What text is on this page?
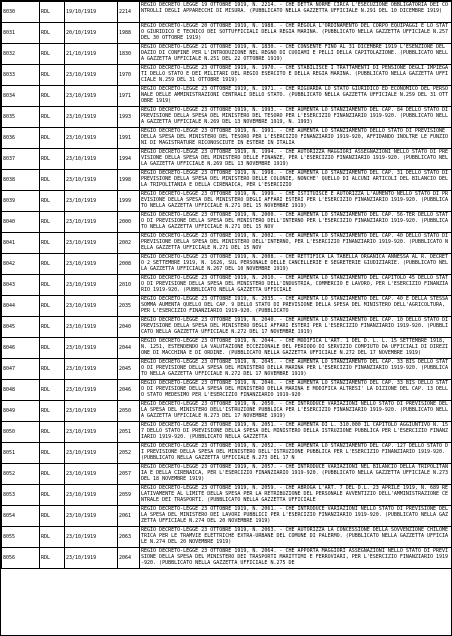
8030	RDL	19/10/1919	2214	REGIO DECRETO LEGGE 19 OTTOBRE 1919, N. 2214. - CHE DETTA NORME CIRCA L'ESECUZIONE OBBLIGATORIA DEI CONTROLLI DEGLI APPARECCHI DI MISURA. (PUBBLICATO NELLA GAZZETTA UFFICIALE N.291 DEL 10 DICEMBRE 1919)

8031	RDL	20/10/1919	1988	REGIO DECRETO-LEGGE 20 OTTOBRE 1919, N. 1988. - CHE REGOLA L'ORDINAMENTO DEL CORPO EQUIPAGGI E LO STATO GIURIDICO E TECNICO DEI SOTTUFFICIALI DELLA REGIA MARINA. (PUBBLICATO NELLA GAZZETTA UFFICIALE N.257 DEL 30 OTTOBRE 1919)

8032	RDL	21/10/1919	1830	REGIO DECRETO-LEGGE 21 OTTOBRE 1919, N. 1830. - CHE CONSENTE FINO AL 31 DICEMBRE 1919 L'ESENZIONE DEL DAZIO DI CONFINE PER L'INTRODUZIONE NEL REGNO DI CUOIAMI E PELLI DELLA CAPITOLAZIONE. (PUBBLICATO NELLA GAZZETTA UFFICIALE N.251 DEL 22 OTTOBRE 1919)

8033	RDL	23/10/1919	1970	REGIO DECRETO-LEGGE 23 OTTOBRE 1919, N. 1970. - CHE STABILISCE I TRATTAMENTI DI PENSIONE DEGLI IMPIEGATI DELLO STATO E DEI MILITARI DEL REGIO ESERCITO E DELLA REGIA MARINA. (PUBBLICATO NELLA GAZZETTA UFFICIALE N.259 DEL 31 OTTOBRE 1919)

8034	RDL	23/10/1919	1971	REGIO DECRETO-LEGGE 23 OTTOBRE 1919, N. 1971. - CHE RIGUARDA LO STATO GIURIDICO ED ECONOMICO DEL PERSONALE DELLE AMMINISTRAZIONI CENTRALI DELLO STATO. (PUBBLICATO NELLA GAZZETTA UFFICIALE N.259 DEL 31 OTTOBRE 1919)

8035	RDL	23/10/1919	1993	REGIO DECRETO-LEGGE 23 OTTOBRE 1919, N. 1993. - CHE AUMENTA LO STANZIAMENTO DEL CAP. 84 DELLO STATO DI PREVISIONE DELLA SPESA DEL MINISTERO DEL TESORO PER L'ESERCIZIO FINANZIARIO 1919-920. (PUBBLICATO NELLA GAZZETTA UFFICIALE N.269 DEL 13 NOVEMBRE 1919, N. 1993)

8036	RDL	23/10/1919	1991	REGIO DECRETO-LEGGE 23 OTTOBRE 1919, N. 1991. - CHE AUMENTA LO STANZIAMENTO DELLO STATO DI PREVISIONE DELLA SPESA DEL MINISTERO DEL TESORO PER L'ESERCIZIO FINANZIARIO 1919-920, AFFIDANDO INOLTRE LE FUNZIONI DI MAGISTRATURE RICONOSCIUTE IN ESTERE IN ITALIA

8037	RDL	23/10/1919	1994	REGIO DECRETO-LEGGE 23 OTTOBRE 1919, N. 1994. - CHE AUTORIZZA MAGGIORI ASSEGNAZIONI NELLO STATO DI PREVISIONE DELLA SPESA DEL MINISTERO DELLE FINANZE, PER L'ESERCIZIO FINANZIARIO 1919-920. (PUBBLICATO NELLA GAZZETTA UFFICIALE N.269 DEL 13 NOVEMBRE 1919)

8038	RDL	23/10/1919	1998	REGIO DECRETO-LEGGE 23 OTTOBRE 1919, N. 1998. - CHE AUMENTA LO STANZIAMENTO DEL CAP. 31 DELLO STATO DI PREVISIONE DELLA SPESA DEL MINISTERO DELLE COLONIE, NONCHE' QUELLO DI ALCUNI ARTICOLI DEL BILANCIO DELLA TRIPOLITANIA E DELLA CIRENAICA, PER L'ESERCIZIO

8039	RDL	23/10/1919	1999	REGIO DECRETO-LEGGE 23 OTTOBRE 1919, N. 1999. - CHE ISTITUISCE E AUTORIZZA L'AUMENTO NELLO STATO DI PREVISIONE DELLA SPESA DEL MINISTERO DEGLI AFFARI ESTERI PER L'ESERCIZIO FINANZIARIO 1919-920. (PUBBLICATO NELLA GAZZETTA UFFICIALE N.271 DEL 15 NOVEMBRE 1919)

8040	RDL	23/10/1919	2000	REGIO DECRETO-LEGGE 23 OTTOBRE 1919, N. 2000. - CHE AUMENTA LO STANZIAMENTO DEL CAP. 56-TER DELLO STATO DI PREVISIONE DELLA SPESA DEL MINISTERO DELL'INTERNO PER L'ESERCIZIO FINANZIARIO 1919-920. (PUBBLICATO NELLA GAZZETTA UFFICIALE N.271 DEL 15 NOV

8041	RDL	23/10/1919	2002	REGIO DECRETO-LEGGE 23 OTTOBRE 1919, N. 2002. - CHE AUMENTA LO STANZIAMENTO DEL CAP. 40 DELLO STATO DI PREVISIONE DELLA SPESA DEL MINISTERO DELL'INTERNO, PER L'ESERCIZIO FINANZIARIO 1919-920. (PUBBLICATO NELLA GAZZETTA UFFICIALE N.271 DEL 15 NOV

8042	RDL	23/10/1919	2008	REGIO DECRETO-LEGGE 23 OTTOBRE 1919, N. 2008. - CHE RETTIFICA LA TABELLA ORGANICA ANNESSA AL R. DECRETO 2 SETTEMBRE 1919, N. 1626, SUL PERSONALE DELLE CANCELLERIE E SEGRETERIE GIUDIZIARIE. (PUBBLICATO NELLA GAZZETTA UFFICIALE N.267 DEL 10 NOVEMBRE 1919)

8043	RDL	23/10/1919	2010	REGIO DECRETO-LEGGE 23 OTTOBRE 1919, N. 2010. - CHE AUMENTA LO STANZIAMENTO DEL CAPITOLO 45 DELLO STATO DI PREVISIONE DELLA SPESA DEL MINISTERO DELL'INDUSTRIA, COMMERCIO E LAVORO, PER L'ESERCIZIO FINANZIARIO 1919-920. (PUBBLICATO NELLA GAZZETTA UFFICIALE

8044	RDL	23/10/1919	2035	REGIO DECRETO-LEGGE 23 OTTOBRE 1919, N. 2035. - CHE AUMENTA LO STANZIAMENTO DEL CAP. 40 E DELLA STESSA SOMMA AUMENTA QUELLO DEL CAP. 9 DELLO STATO DI PREVISIONE DELLA SPESA DEL MINISTERO DELL'AGRICOLTURA, PER L'ESERCIZIO FINANZIARIO 1919-920. (PUBBLICATO

8045	RDL	23/10/1919	2040	REGIO DECRETO-LEGGE 23 OTTOBRE 1919, N. 2040. - CHE AUMENTA LO STANZIAMENTO DEL CAP. 10 DELLO STATO DI PREVISIONE DELLA SPESA DEL MINISTERO DEGLI AFFARI ESTERI PER L'ESERCIZIO FINANZIARIO 1919-920. (PUBBLICATO NELLA GAZZETTA UFFICIALE N.272 DEL 17 NOVEMBRE 1919)

8046	RDL	23/10/1919	2044	REGIO DECRETO-LEGGE 23 OTTOBRE 1919, N. 2044. - CHE MODIFICA L'ART. 1 DEL D. L. L. 15 SETTEMBRE 1918, N. 1251, ESTENDENDO LA VALUTAZIONE ECCEZIONALE DEL PERIODO DI SERVIZIO COMPIUTO DA UFFICIALI DI DIREZIONE DI MACCHINA E DI ORDINE. (PUBBLICATO NELLA GAZZETTA UFFICIALE N.272 DEL 17 NOVEMBRE 1919)

8047	RDL	23/10/1919	2045	REGIO DECRETO-LEGGE 23 OTTOBRE 1919, N. 2045. - CHE AUMENTA LO STANZIAMENTO DEL CAP. 33 BIS DELLO STATO DI PREVISIONE DELLA SPESA DEL MINISTERO DELLA MARINA PER L'ESERCIZIO FINANZIARIO 1919-920. (PUBBLICATO NELLA GAZZETTA UFFICIALE N.272 DEL 17 NOVEMBRE 1919)

8048	RDL	23/10/1919	2046	REGIO DECRETO-LEGGE 23 OTTOBRE 1919, N. 2046. - CHE AUMENTA LO STANZIAMENTO DEL CAP. 33 BIS DELLO STATO DI PREVISIONE DELLA SPESA DEL MINISTERO DELLA MARINA E MODIFICA ALTRESI' LA DIZIONE DEL CAP. 13 DELLO STATO MEDESIMO PER L'ESERCIZIO FINANZIARIO 1919-920

8049	RDL	23/10/1919	2050	REGIO DECRETO-LEGGE 23 OTTOBRE 1919, N. 2050. - CHE INTRODUCE VARIAZIONI NELLO STATO DI PREVISIONE DELLA SPESA DEL MINISTERO DELL'ISTRUZIONE PUBBLICA PER L'ESERCIZIO FINANZIARIO 1919-920. (PUBBLICATO NELLA GAZZETTA UFFICIALE N.273 DEL 17 NOVEMBRE 1919)

8050	RDL	23/10/1919	2051	REGIO DECRETO-LEGGE 23 OTTOBRE 1919, N. 2051. - CHE AUMENTA DI L. 310.000 IL CAPITOLO AGGIUNTIVO N. 157 DELLO STATO DI PREVISIONE DELLA SPESA DEL MINISTERO DELLA ISTRUZIONE PUBBLICA PER L'ESERCIZIO FINANZIARIO 1919-920. (PUBBLICATO NELLA GAZZETTA

8051	RDL	23/10/1919	2052	REGIO DECRETO-LEGGE 23 OTTOBRE 1919, N. 2052. - CHE AUMENTA LO STANZIAMENTO DEL CAP. 127 DELLO STATO DI PREVISIONE DELLA SPESA DEL MINISTERO DELL'ISTRUZIONE PUBBLICA PER L'ESERCIZIO FINANZIARIO 1919-920. (PUBBLICATO NELLA GAZZETTA UFFICIALE N.273 DEL 17 N

8052	RDL	23/10/1919	2057	REGIO DECRETO-LEGGE 23 OTTOBRE 1919, N. 2057. - CHE INTRODUCE VARIAZIONI NEL BILANCIO DELLA TRIPOLITANIA E DELLA CIRENAICA, PER L'ESERCIZIO FINANZIARIO 1919-920. (PUBBLICATO NELLA GAZZETTA UFFICIALE N.273 DEL 18 NOVEMBRE 1919)

8053	RDL	23/10/1919	2059	REGIO DECRETO-LEGGE 23 OTTOBRE 1919, N. 2059. - CHE ABROGA L'ART. 7 DEL D.L. 23 APRILE 1919, N. 689 RELATIVAMENTE AL LIMITE DELLA SPESA PER LA RETRIBUZIONE DEL PERSONALE AVVENTIZIO DELL'AMMINISTRAZIONE CENTRALE DEI TRASPORTI. (PUBBLICATO NELLA GAZZETTA UFFICIALE

8054	RDL	23/10/1919	2061	REGIO DECRETO-LEGGE 23 OTTOBRE 1919, N. 2061. - CHE INTRODUCE VARIAZIONI NELLO STATO DI PREVISIONE DELLA SPESA DEL MINISTERO DEI LAVORI PUBBLICI PER L'ESERCIZIO FINANZIARIO 1919-920. (PUBBLICATO NELLA GAZZETTA UFFICIALE N.274 DEL 20 NOVEMBRE 1919)

8055	RDL	23/10/1919	2063	REGIO DECRETO-LEGGE 23 OTTOBRE 1919, N. 2063. - CHE AUTORIZZA LA CONCESSIONE DELLA SOVVENZIONE CHILOMETRICA PER LE TRAMVIE ELETTRICHE EXTRA-URBANE DEL COMUNE DI PALERMO. (PUBBLICATO NELLA GAZZETTA UFFICIALE N.274 DEL 20 NOVEMBRE 1919)

8056	RDL	23/10/1919	2064	REGIO DECRETO-LEGGE 23 OTTOBRE 1919, N. 2064. - CHE APPORTA MAGGIORI ASSEGNAZIONI NELLO STATO DI PREVISIONE DELLA SPESA DEL MINISTERO DEI TRASPORTI MARITTIMI E FERROVIARI, PER L'ESERCIZIO FINANZIARIO 1919-920. (PUBBLICATO NELLA GAZZETTA UFFICIALE N.275 DE
